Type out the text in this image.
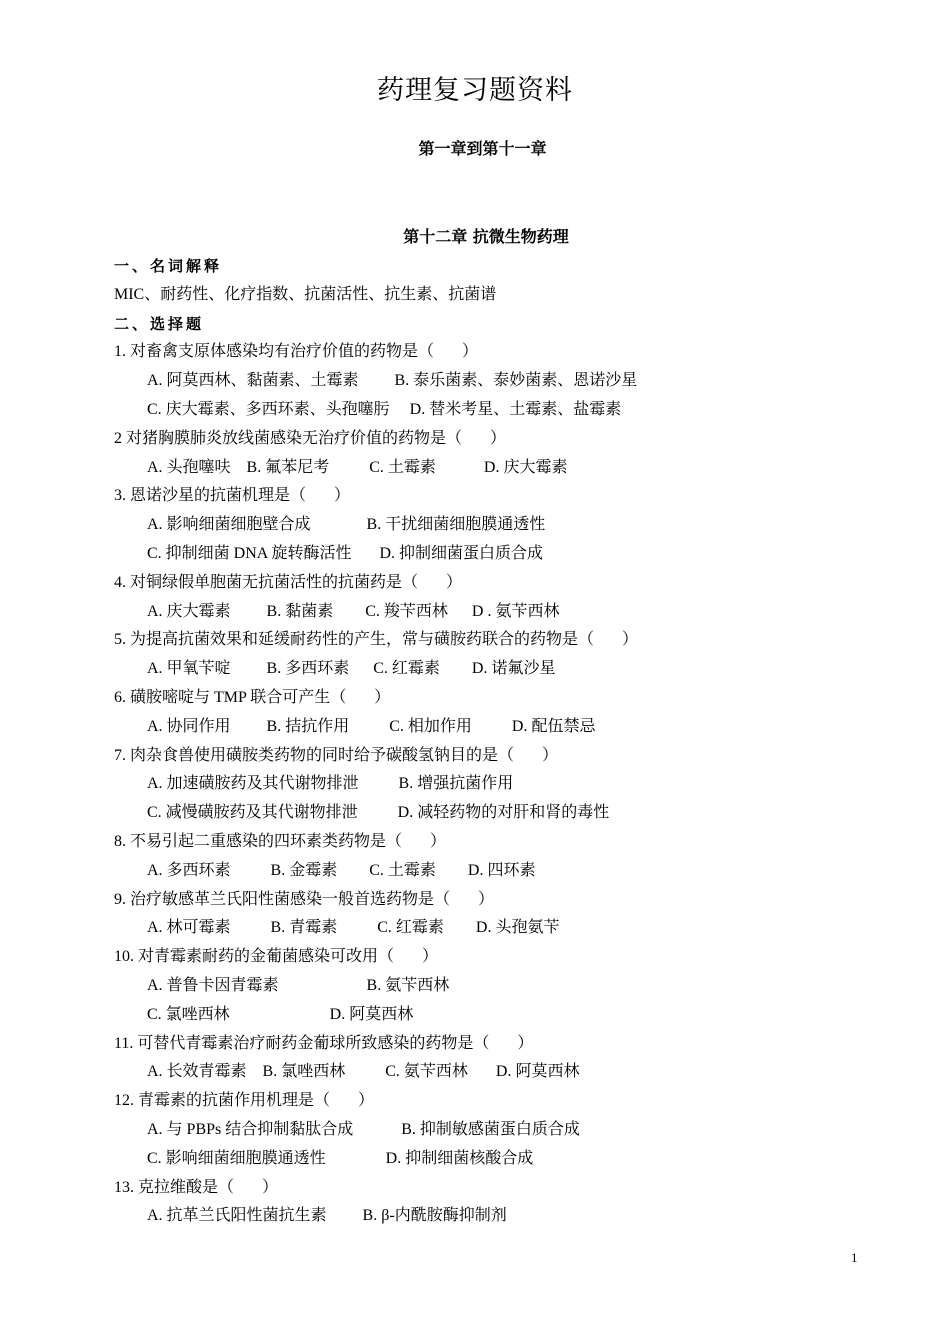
药理复习题资料
第一章到第十一章
第十二章 抗微生物药理
一、名词解释
MIC、耐药性、化疗指数、抗菌活性、抗生素、抗菌谱
二、选择题
1. 对畜禽支原体感染均有治疗价值的药物是（       ）
A. 阿莫西林、黏菌素、土霉素         B. 泰乐菌素、泰妙菌素、恩诺沙星
C. 庆大霉素、多西环素、头孢噻肟     D. 替米考星、土霉素、盐霉素
2 对猪胸膜肺炎放线菌感染无治疗价值的药物是（       ）
A. 头孢噻呋    B. 氟苯尼考          C. 土霉素            D. 庆大霉素
3. 恩诺沙星的抗菌机理是（       ）
A. 影响细菌细胞壁合成              B. 干扰细菌细胞膜通透性
C. 抑制细菌 DNA 旋转酶活性       D. 抑制细菌蛋白质合成
4. 对铜绿假单胞菌无抗菌活性的抗菌药是（       ）
A. 庆大霉素         B. 黏菌素        C. 羧苄西林      D . 氨苄西林
5. 为提高抗菌效果和延缓耐药性的产生，常与磺胺药联合的药物是（       ）
A. 甲氧苄啶         B. 多西环素      C. 红霉素        D. 诺氟沙星
6. 磺胺嘧啶与 TMP 联合可产生（       ）
A. 协同作用         B. 拮抗作用          C. 相加作用          D. 配伍禁忌
7. 肉杂食兽使用磺胺类药物的同时给予碳酸氢钠目的是（       ）
A. 加速磺胺药及其代谢物排泄          B. 增强抗菌作用
C. 减慢磺胺药及其代谢物排泄          D. 减轻药物的对肝和肾的毒性
8. 不易引起二重感染的四环素类药物是（       ）
A. 多西环素          B. 金霉素        C. 土霉素        D. 四环素
9. 治疗敏感革兰氏阳性菌感染一般首选药物是（       ）
A. 林可霉素          B. 青霉素          C. 红霉素        D. 头孢氨苄
10. 对青霉素耐药的金葡菌感染可改用（       ）
A. 普鲁卡因青霉素                      B. 氨苄西林
C. 氯唑西林                         D. 阿莫西林
11. 可替代青霉素治疗耐药金葡球所致感染的药物是（       ）
A. 长效青霉素    B. 氯唑西林          C. 氨苄西林       D. 阿莫西林
12. 青霉素的抗菌作用机理是（       ）
A. 与 PBPs 结合抑制黏肽合成            B. 抑制敏感菌蛋白质合成
C. 影响细菌细胞膜通透性               D. 抑制细菌核酸合成
13. 克拉维酸是（       ）
A. 抗革兰氏阳性菌抗生素         B. β-内酰胺酶抑制剂
1
